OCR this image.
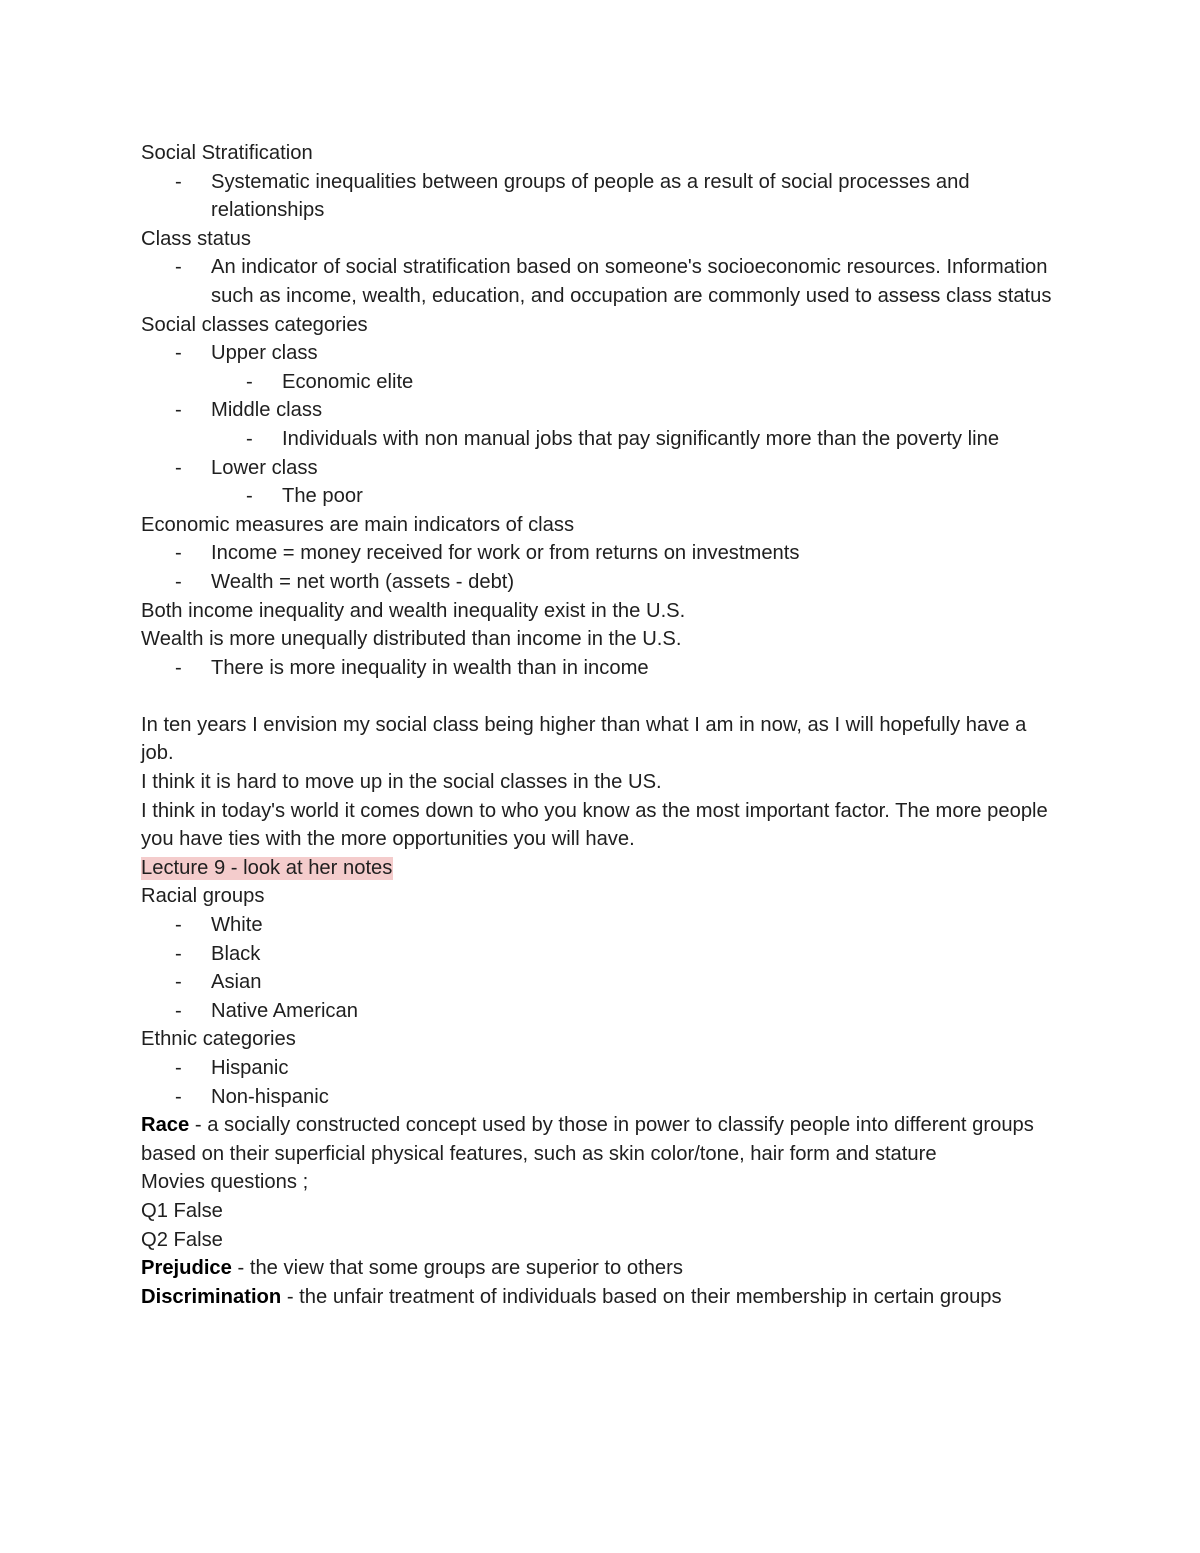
Social Stratification
- Systematic inequalities between groups of people as a result of social processes and relationships
Class status
- An indicator of social stratification based on someone's socioeconomic resources. Information such as income, wealth, education, and occupation are commonly used to assess class status
Social classes categories
- Upper class
- Economic elite
- Middle class
- Individuals with non manual jobs that pay significantly more than the poverty line
- Lower class
- The poor
Economic measures are main indicators of class
- Income = money received for work or from returns on investments
- Wealth = net worth (assets - debt)
Both income inequality and wealth inequality exist in the U.S.
Wealth is more unequally distributed than income in the U.S.
- There is more inequality in wealth than in income
In ten years I envision my social class being higher than what I am in now, as I will hopefully have a job.
I think it is hard to move up in the social classes in the US.
I think in today's world it comes down to who you know as the most important factor. The more people you have ties with the more opportunities you will have.
Lecture 9 - look at her notes
Racial groups
- White
- Black
- Asian
- Native American
Ethnic categories
- Hispanic
- Non-hispanic
Race - a socially constructed concept used by those in power to classify people into different groups based on their superficial physical features, such as skin color/tone, hair form and stature
Movies questions ;
Q1 False
Q2 False
Prejudice - the view that some groups are superior to others
Discrimination - the unfair treatment of individuals based on their membership in certain groups
